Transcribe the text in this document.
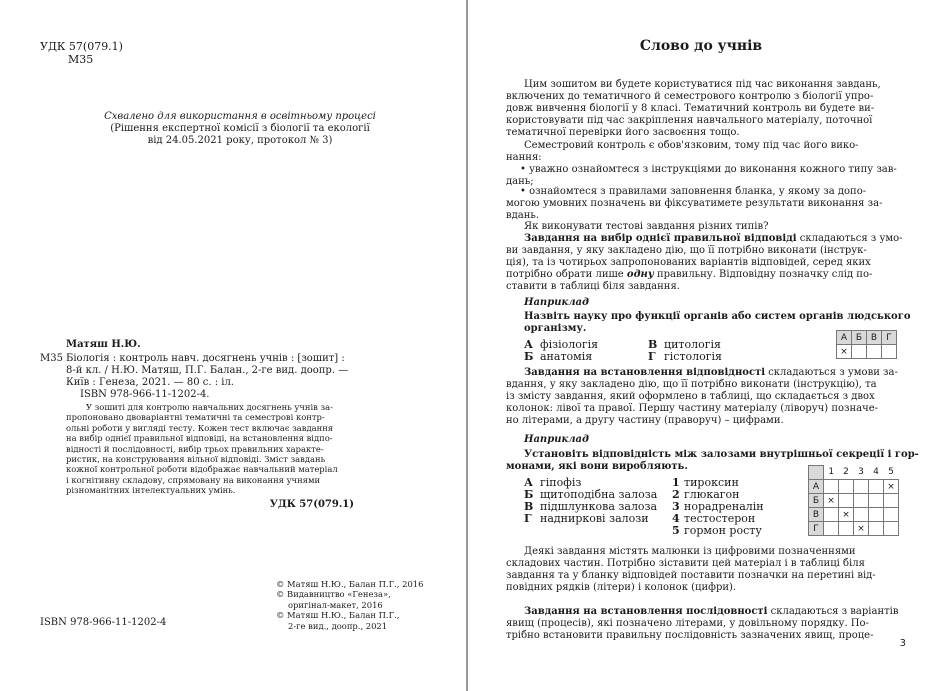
УДК 57(079.1)
М35
Схвалено для використання в освітньому процесі
(Рішення експертної комісії з біології та екології
від 24.05.2021 року, протокол № 3)
Матяш Н.Ю.
М35 Біологія : контроль навч. досягнень учнів : [зошит] :
8-й кл. / Н.Ю. Матяш, П.Г. Балан., 2-ге вид. доопр. —
Київ : Генеза, 2021. — 80 с. : іл.
ISBN 978-966-11-1202-4.
У зошиті для контролю навчальних досягнень учнів за-
пропоновано двоваріантні тематичні та семестрові контр-
ольні роботи у вигляді тесту. Кожен тест включає завдання
на вибір однієї правильної відповіді, на встановлення відпо-
відності й послідовності, вибір трьох правильних характе-
ристик, на конструювання вільної відповіді. Зміст завдань
кожної контрольної роботи відображає навчальний матеріал
і когнітивну складову, спрямовану на виконання учнями
різноманітних інтелектуальних умінь.
УДК 57(079.1)
© Матяш Н.Ю., Балан П.Г., 2016
© Видавництво «Генеза»,
оригінал-макет, 2016
© Матяш Н.Ю., Балан П.Г.,
2-ге вид., доопр., 2021
ISBN 978-966-11-1202-4
Слово до учнів
Цим зошитом ви будете користуватися під час виконання завдань,
включених до тематичного й семестрового контролю з біології упро-
довж вивчення біології у 8 класі. Тематичний контроль ви будете ви-
користовувати під час закріплення навчального матеріалу, поточної
тематичної перевірки його засвоєння тощо.
Семестровий контроль є обов'язковим, тому під час його вико-
нання:
• уважно ознайомтеся з інструкціями до виконання кожного типу зав-
дань;
• ознайомтеся з правилами заповнення бланка, у якому за допо-
могою умовних позначень ви фіксуватимете результати виконання за-
вдань.
Як виконувати тестові завдання різних типів?
Завдання на вибір однієї правильної відповіді складаються з умо-
ви завдання, у яку закладено дію, що її потрібно виконати (інструк-
ція), та із чотирьох запропонованих варіантів відповідей, серед яких
потрібно обрати лише одну правильну. Відповідну позначку слід по-
ставити в таблиці біля завдання.
Наприклад
Назвіть науку про функції органів або систем органів людського
організму.
А фізіологія
Б анатомія
В цитологія
Г гістологія
А	Б	В	Г
×			
Завдання на встановлення відповідності складаються з умови за-
вдання, у яку закладено дію, що її потрібно виконати (інструкцію), та
із змісту завдання, який оформлено в таблиці, що складається з двох
колонок: лівої та правої. Першу частину матеріалу (ліворуч) позначе-
но літерами, а другу частину (праворуч) – цифрами.
Наприклад
Установіть відповідність між залозами внутрішньої секреції і гор-
монами, які вони виробляють.
А гіпофіз
Б щитоподібна залоза
В підшлункова залоза
Г надниркові залози
1 тироксин
2 глюкагон
3 норадреналін
4 тестостерон
5 гормон росту
	1	2	3	4	5
А					×
Б	×				
В		×			
Г			×		
Деякі завдання містять малюнки із цифровими позначеннями
складових частин. Потрібно зіставити цей матеріал і в таблиці біля
завдання та у бланку відповідей поставити позначки на перетині від-
повідних рядків (літери) і колонок (цифри).
Завдання на встановлення послідовності складаються з варіантів
явищ (процесів), які позначено літерами, у довільному порядку. По-
трібно встановити правильну послідовність зазначених явищ, проце-
3
